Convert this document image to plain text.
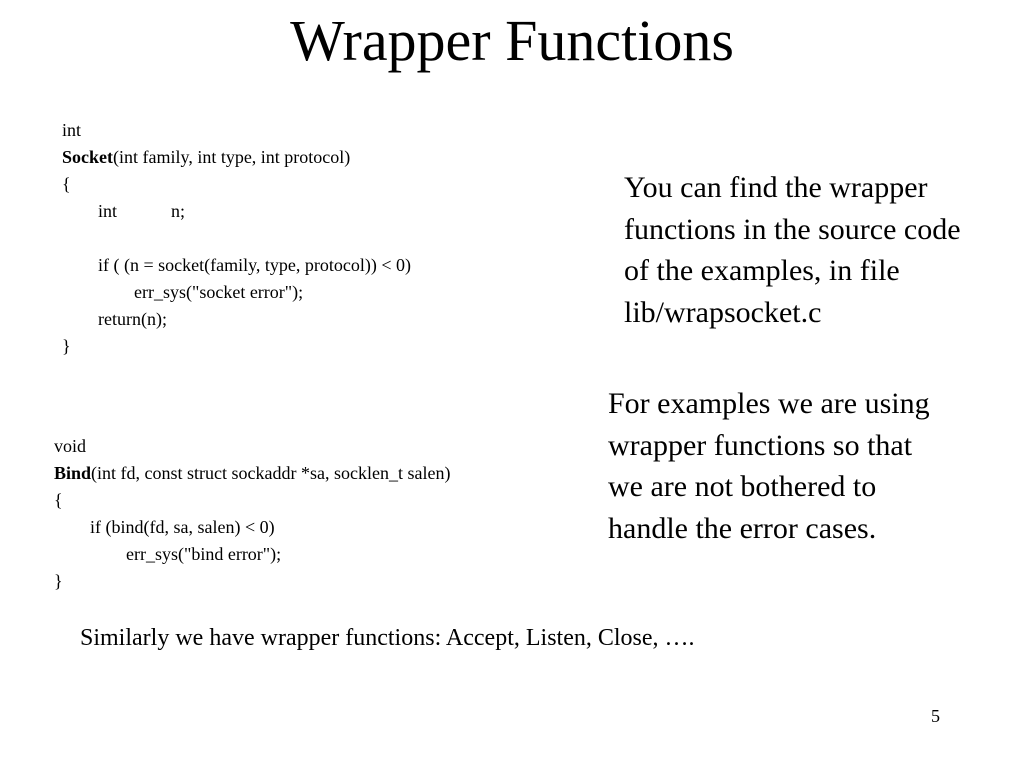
Wrapper Functions
int
Socket(int family, int type, int protocol)
{
int            n;
if ( (n = socket(family, type, protocol)) < 0)
err_sys("socket error");
return(n);
}
You can find the wrapper
functions in the source code
of the examples, in file
lib/wrapsocket.c
For examples we are using
wrapper functions so that
we are not bothered to
handle the error cases.
void
Bind(int fd, const struct sockaddr *sa, socklen_t salen)
{
if (bind(fd, sa, salen) < 0)
err_sys("bind error");
}
Similarly we have wrapper functions: Accept, Listen, Close, ….
5
